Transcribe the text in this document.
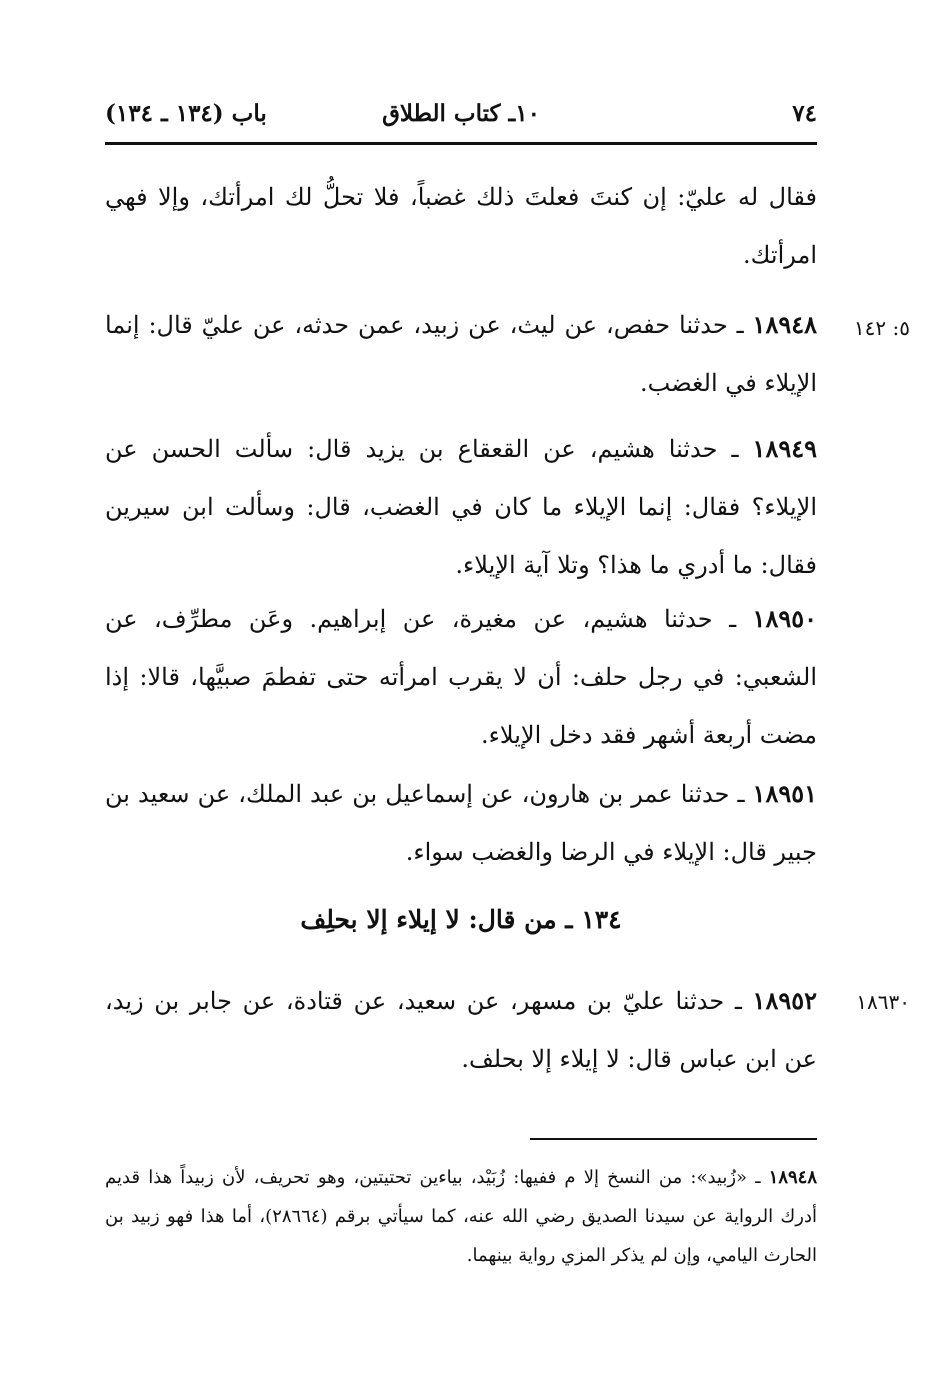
٧٤
١٠ـ كتاب الطلاق
باب (١٣٤ ـ ١٣٤)

فقال له عليّ: إن كنتَ فعلتَ ذلك غضباً، فلا تحلُّ لك امرأتك، وإلا فهي امرأتك.

٥: ١٤٢

١٨٩٤٨ ـ حدثنا حفص، عن ليث، عن زبيد، عمن حدثه، عن عليّ قال: إنما الإيلاء في الغضب.

١٨٩٤٩ ـ حدثنا هشيم، عن القعقاع بن يزيد قال: سألت الحسن عن الإيلاء؟ فقال: إنما الإيلاء ما كان في الغضب، قال: وسألت ابن سيرين فقال: ما أدري ما هذا؟ وتلا آية الإيلاء.

١٨٩٥٠ ـ حدثنا هشيم، عن مغيرة، عن إبراهيم. وعَن مطرِّف، عن الشعبي: في رجل حلف: أن لا يقرب امرأته حتى تفطمَ صبيَّها، قالا: إذا مضت أربعة أشهر فقد دخل الإيلاء.

١٨٩٥١ ـ حدثنا عمر بن هارون، عن إسماعيل بن عبد الملك، عن سعيد بن جبير قال: الإيلاء في الرضا والغضب سواء.

١٣٤ ـ من قال: لا إيلاء إلا بحلِف
١٨٦٣٠

١٨٩٥٢ ـ حدثنا عليّ بن مسهر، عن سعيد، عن قتادة، عن جابر بن زيد، عن ابن عباس قال: لا إيلاء إلا بحلف.

١٨٩٤٨ ـ «زُبيد»: من النسخ إلا م ففيها: زُبَيْد، بياءين تحتيتين، وهو تحريف، لأن زبيداً هذا قديم أدرك الرواية عن سيدنا الصديق رضي الله عنه، كما سيأتي برقم (٢٨٦٦٤)، أما هذا فهو زبيد بن الحارث اليامي، وإن لم يذكر المزي رواية بينهما.
